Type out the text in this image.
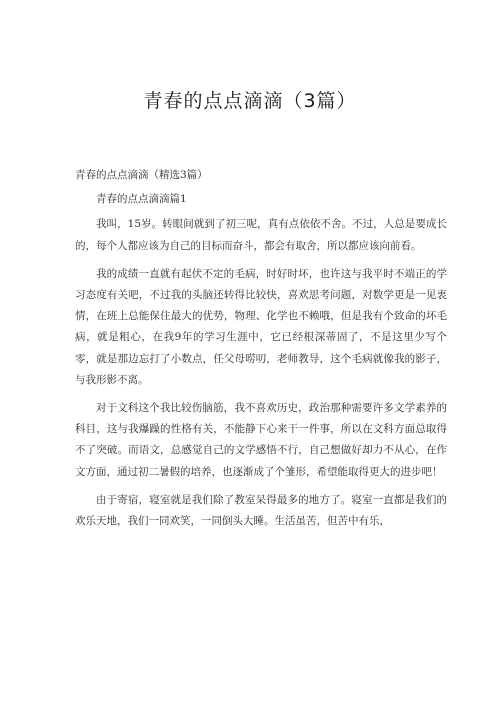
青春的点点滴滴（3篇）

青春的点点滴滴（精选3篇）

青春的点点滴滴篇1

我叫，15岁。转眼间就到了初三呢，真有点依依不舍。不过，人总是要成长的，每个人都应该为自己的目标而奋斗，都会有取舍，所以都应该向前看。

我的成绩一直就有起伏不定的毛病，时好时坏，也许这与我平时不端正的学习态度有关吧，不过我的头脑还转得比较快，喜欢思考问题，对数学更是一见衷情，在班上总能保住最大的优势，物理、化学也不赖哦，但是我有个致命的坏毛病，就是粗心，在我9年的学习生涯中，它已经根深蒂固了，不是这里少写个零，就是那边忘打了小数点，任父母唠叨，老师教导，这个毛病就像我的影子，与我形影不离。

对于文科这个我比较伤脑筋，我不喜欢历史，政治那种需要许多文学素养的科目，这与我爆躁的性格有关，不能静下心来干一件事，所以在文科方面总取得不了突破。而语文，总感觉自己的文学感悟不行，自己想做好却力不从心，在作文方面，通过初二暑假的培养，也逐渐成了个雏形，希望能取得更大的进步吧！

由于寄宿，寝室就是我们除了教室呆得最多的地方了。寝室一直都是我们的欢乐天地，我们一同欢笑，一同倒头大睡。生活虽苦，但苦中有乐，
